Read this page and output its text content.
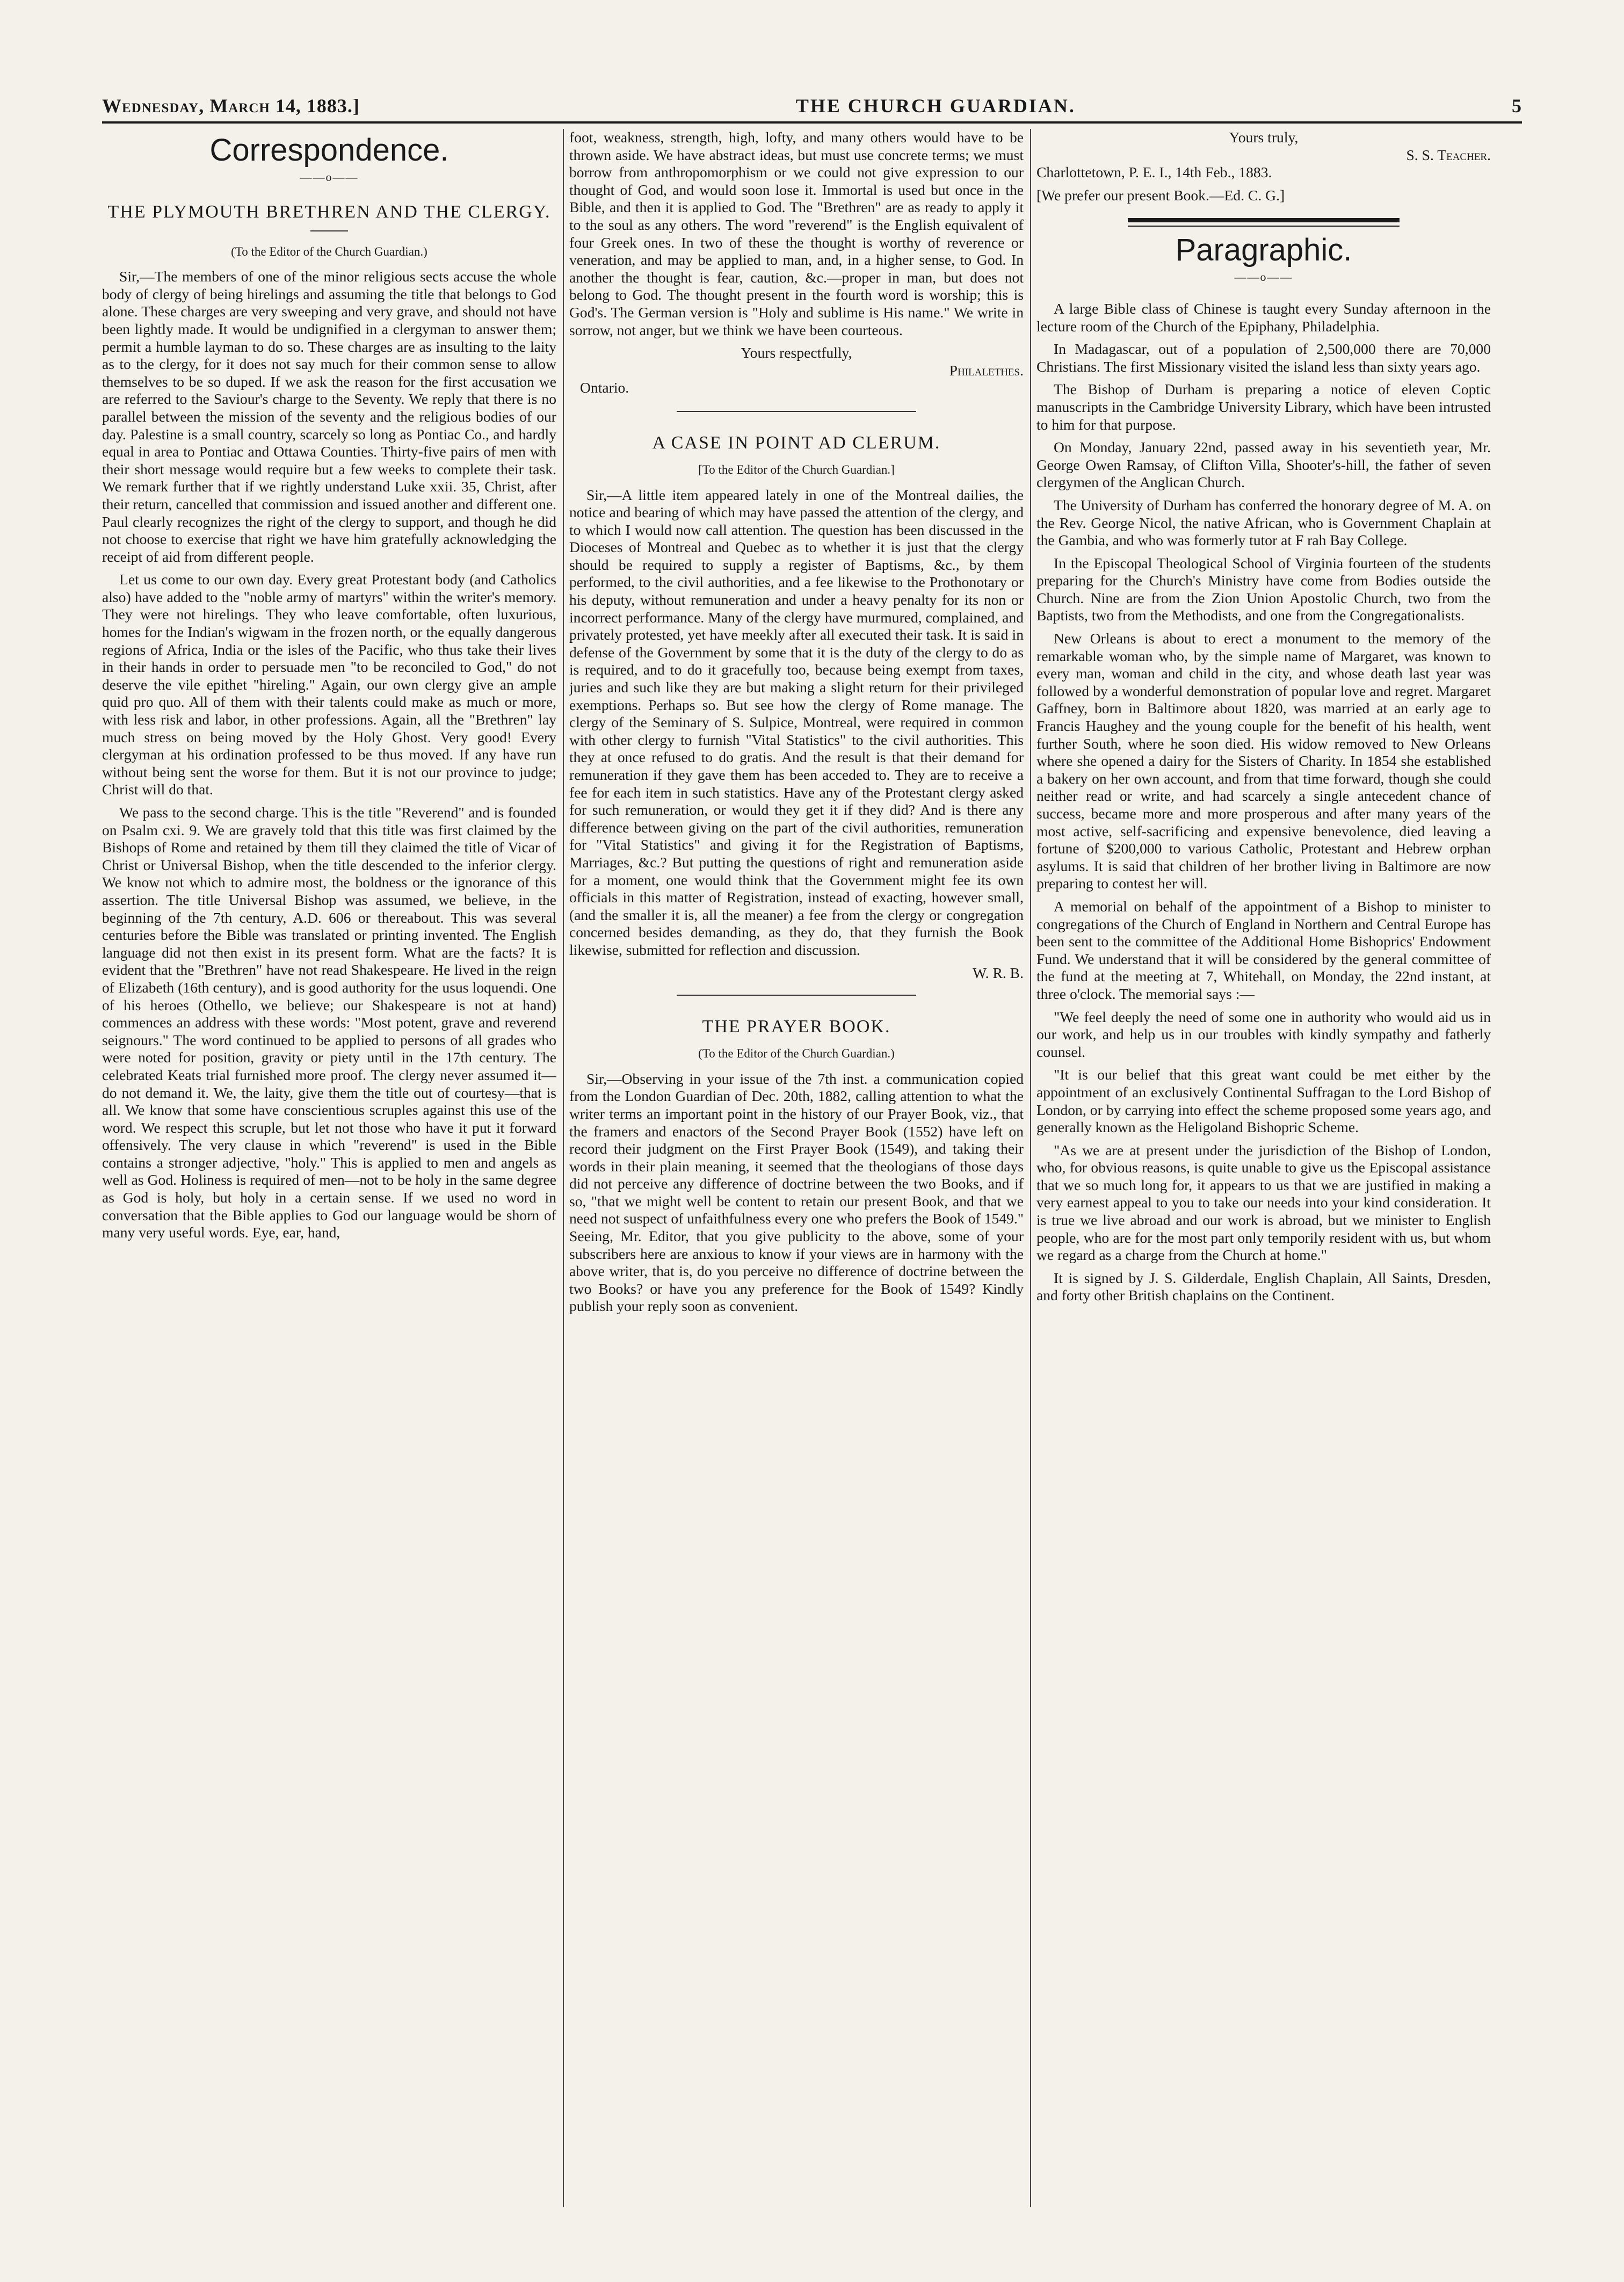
Wednesday, March 14, 1883.]	THE CHURCH GUARDIAN.	5
Correspondence.
——o——
THE PLYMOUTH BRETHREN AND THE CLERGY.
(To the Editor of the Church Guardian.)

Sir,—The members of one of the minor religious sects accuse the whole body of clergy of being hirelings and assuming the title that belongs to God alone. These charges are very sweeping and very grave, and should not have been lightly made. It would be undignified in a clergyman to answer them; permit a humble layman to do so. These charges are as insulting to the laity as to the clergy, for it does not say much for their common sense to allow themselves to be so duped. If we ask the reason for the first accusation we are referred to the Saviour's charge to the Seventy. We reply that there is no parallel between the mission of the seventy and the religious bodies of our day. Palestine is a small country, scarcely so long as Pontiac Co., and hardly equal in area to Pontiac and Ottawa Counties. Thirty-five pairs of men with their short message would require but a few weeks to complete their task. We remark further that if we rightly understand Luke xxii. 35, Christ, after their return, cancelled that commission and issued another and different one. Paul clearly recognizes the right of the clergy to support, and though he did not choose to exercise that right we have him gratefully acknowledging the receipt of aid from different people.

Let us come to our own day. Every great Protestant body (and Catholics also) have added to the "noble army of martyrs" within the writer's memory. They were not hirelings. They who leave comfortable, often luxurious, homes for the Indian's wigwam in the frozen north, or the equally dangerous regions of Africa, India or the isles of the Pacific, who thus take their lives in their hands in order to persuade men "to be reconciled to God," do not deserve the vile epithet "hireling." Again, our own clergy give an ample quid pro quo. All of them with their talents could make as much or more, with less risk and labor, in other professions. Again, all the "Brethren" lay much stress on being moved by the Holy Ghost. Very good! Every clergyman at his ordination professed to be thus moved. If any have run without being sent the worse for them. But it is not our province to judge; Christ will do that.

We pass to the second charge. This is the title "Reverend" and is founded on Psalm cxi. 9. We are gravely told that this title was first claimed by the Bishops of Rome and retained by them till they claimed the title of Vicar of Christ or Universal Bishop, when the title descended to the inferior clergy. We know not which to admire most, the boldness or the ignorance of this assertion. The title Universal Bishop was assumed, we believe, in the beginning of the 7th century, A.D. 606 or thereabout. This was several centuries before the Bible was translated or printing invented. The English language did not then exist in its present form. What are the facts? It is evident that the "Brethren" have not read Shakespeare. He lived in the reign of Elizabeth (16th century), and is good authority for the usus loquendi. One of his heroes (Othello, we believe; our Shakespeare is not at hand) commences an address with these words: "Most potent, grave and reverend seignours." The word continued to be applied to persons of all grades who were noted for position, gravity or piety until in the 17th century. The celebrated Keats trial furnished more proof. The clergy never assumed it—do not demand it. We, the laity, give them the title out of courtesy—that is all. We know that some have conscientious scruples against this use of the word. We respect this scruple, but let not those who have it put it forward offensively. The very clause in which "reverend" is used in the Bible contains a stronger adjective, "holy." This is applied to men and angels as well as God. Holiness is required of men—not to be holy in the same degree as God is holy, but holy in a certain sense. If we used no word in conversation that the Bible applies to God our language would be shorn of many very useful words. Eye, ear, hand,

foot, weakness, strength, high, lofty, and many others would have to be thrown aside. We have abstract ideas, but must use concrete terms; we must borrow from anthropomorphism or we could not give expression to our thought of God, and would soon lose it. Immortal is used but once in the Bible, and then it is applied to God. The "Brethren" are as ready to apply it to the soul as any others. The word "reverend" is the English equivalent of four Greek ones. In two of these the thought is worthy of reverence or veneration, and may be applied to man, and, in a higher sense, to God. In another the thought is fear, caution, &c.—proper in man, but does not belong to God. The thought present in the fourth word is worship; this is God's. The German version is "Holy and sublime is His name." We write in sorrow, not anger, but we think we have been courteous.

Yours respectfully,

Philalethes.

Ontario.

A CASE IN POINT AD CLERUM.
[To the Editor of the Church Guardian.]

Sir,—A little item appeared lately in one of the Montreal dailies, the notice and bearing of which may have passed the attention of the clergy, and to which I would now call attention. The question has been discussed in the Dioceses of Montreal and Quebec as to whether it is just that the clergy should be required to supply a register of Baptisms, &c., by them performed, to the civil authorities, and a fee likewise to the Prothonotary or his deputy, without remuneration and under a heavy penalty for its non or incorrect performance. Many of the clergy have murmured, complained, and privately protested, yet have meekly after all executed their task. It is said in defense of the Government by some that it is the duty of the clergy to do as is required, and to do it gracefully too, because being exempt from taxes, juries and such like they are but making a slight return for their privileged exemptions. Perhaps so. But see how the clergy of Rome manage. The clergy of the Seminary of S. Sulpice, Montreal, were required in common with other clergy to furnish "Vital Statistics" to the civil authorities. This they at once refused to do gratis. And the result is that their demand for remuneration if they gave them has been acceded to. They are to receive a fee for each item in such statistics. Have any of the Protestant clergy asked for such remuneration, or would they get it if they did? And is there any difference between giving on the part of the civil authorities, remuneration for "Vital Statistics" and giving it for the Registration of Baptisms, Marriages, &c.? But putting the questions of right and remuneration aside for a moment, one would think that the Government might fee its own officials in this matter of Registration, instead of exacting, however small, (and the smaller it is, all the meaner) a fee from the clergy or congregation concerned besides demanding, as they do, that they furnish the Book likewise, submitted for reflection and discussion.

W. R. B.

THE PRAYER BOOK.
(To the Editor of the Church Guardian.)

Sir,—Observing in your issue of the 7th inst. a communication copied from the London Guardian of Dec. 20th, 1882, calling attention to what the writer terms an important point in the history of our Prayer Book, viz., that the framers and enactors of the Second Prayer Book (1552) have left on record their judgment on the First Prayer Book (1549), and taking their words in their plain meaning, it seemed that the theologians of those days did not perceive any difference of doctrine between the two Books, and if so, "that we might well be content to retain our present Book, and that we need not suspect of unfaithfulness every one who prefers the Book of 1549." Seeing, Mr. Editor, that you give publicity to the above, some of your subscribers here are anxious to know if your views are in harmony with the above writer, that is, do you perceive no difference of doctrine between the two Books? or have you any preference for the Book of 1549? Kindly publish your reply soon as convenient.

Yours truly,

S. S. Teacher.

Charlottetown, P. E. I., 14th Feb., 1883.

[We prefer our present Book.—Ed. C. G.]

Paragraphic.
——o——

A large Bible class of Chinese is taught every Sunday afternoon in the lecture room of the Church of the Epiphany, Philadelphia.

In Madagascar, out of a population of 2,500,000 there are 70,000 Christians. The first Missionary visited the island less than sixty years ago.

The Bishop of Durham is preparing a notice of eleven Coptic manuscripts in the Cambridge University Library, which have been intrusted to him for that purpose.

On Monday, January 22nd, passed away in his seventieth year, Mr. George Owen Ramsay, of Clifton Villa, Shooter's-hill, the father of seven clergymen of the Anglican Church.

The University of Durham has conferred the honorary degree of M. A. on the Rev. George Nicol, the native African, who is Government Chaplain at the Gambia, and who was formerly tutor at F rah Bay College.

In the Episcopal Theological School of Virginia fourteen of the students preparing for the Church's Ministry have come from Bodies outside the Church. Nine are from the Zion Union Apostolic Church, two from the Baptists, two from the Methodists, and one from the Congregationalists.

New Orleans is about to erect a monument to the memory of the remarkable woman who, by the simple name of Margaret, was known to every man, woman and child in the city, and whose death last year was followed by a wonderful demonstration of popular love and regret. Margaret Gaffney, born in Baltimore about 1820, was married at an early age to Francis Haughey and the young couple for the benefit of his health, went further South, where he soon died. His widow removed to New Orleans where she opened a dairy for the Sisters of Charity. In 1854 she established a bakery on her own account, and from that time forward, though she could neither read or write, and had scarcely a single antecedent chance of success, became more and more prosperous and after many years of the most active, self-sacrificing and expensive benevolence, died leaving a fortune of $200,000 to various Catholic, Protestant and Hebrew orphan asylums. It is said that children of her brother living in Baltimore are now preparing to contest her will.

A memorial on behalf of the appointment of a Bishop to minister to congregations of the Church of England in Northern and Central Europe has been sent to the committee of the Additional Home Bishoprics' Endowment Fund. We understand that it will be considered by the general committee of the fund at the meeting at 7, Whitehall, on Monday, the 22nd instant, at three o'clock. The memorial says :—

"We feel deeply the need of some one in authority who would aid us in our work, and help us in our troubles with kindly sympathy and fatherly counsel.

"It is our belief that this great want could be met either by the appointment of an exclusively Continental Suffragan to the Lord Bishop of London, or by carrying into effect the scheme proposed some years ago, and generally known as the Heligoland Bishopric Scheme.

"As we are at present under the jurisdiction of the Bishop of London, who, for obvious reasons, is quite unable to give us the Episcopal assistance that we so much long for, it appears to us that we are justified in making a very earnest appeal to you to take our needs into your kind consideration. It is true we live abroad and our work is abroad, but we minister to English people, who are for the most part only temporily resident with us, but whom we regard as a charge from the Church at home."

It is signed by J. S. Gilderdale, English Chaplain, All Saints, Dresden, and forty other British chaplains on the Continent.
